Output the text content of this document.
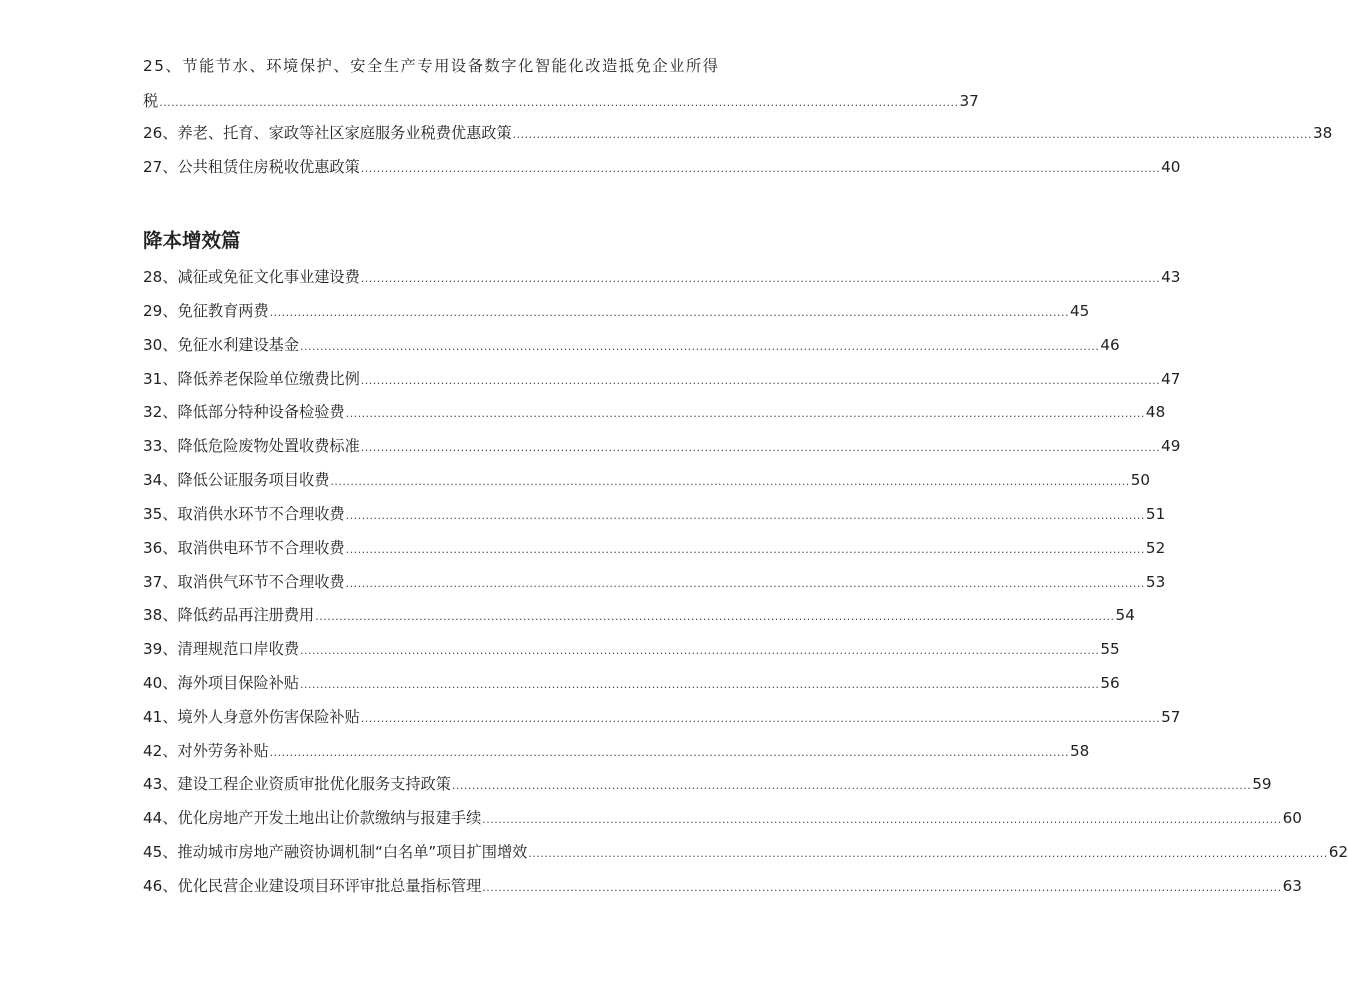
25、节能节水、环境保护、安全生产专用设备数字化智能化改造抵免企业所得
税 ........................................................................................................................................................................................................ 37
26、养老、托育、家政等社区家庭服务业税费优惠政策 ........................................................................................................................................................................................................ 38
27、公共租赁住房税收优惠政策 ........................................................................................................................................................................................................ 40
降本增效篇
28、减征或免征文化事业建设费 ........................................................................................................................................................................................................ 43
29、免征教育两费 ........................................................................................................................................................................................................ 45
30、免征水利建设基金 ........................................................................................................................................................................................................ 46
31、降低养老保险单位缴费比例 ........................................................................................................................................................................................................ 47
32、降低部分特种设备检验费 ........................................................................................................................................................................................................ 48
33、降低危险废物处置收费标准 ........................................................................................................................................................................................................ 49
34、降低公证服务项目收费 ........................................................................................................................................................................................................ 50
35、取消供水环节不合理收费 ........................................................................................................................................................................................................ 51
36、取消供电环节不合理收费 ........................................................................................................................................................................................................ 52
37、取消供气环节不合理收费 ........................................................................................................................................................................................................ 53
38、降低药品再注册费用 ........................................................................................................................................................................................................ 54
39、清理规范口岸收费 ........................................................................................................................................................................................................ 55
40、海外项目保险补贴 ........................................................................................................................................................................................................ 56
41、境外人身意外伤害保险补贴 ........................................................................................................................................................................................................ 57
42、对外劳务补贴 ........................................................................................................................................................................................................ 58
43、建设工程企业资质审批优化服务支持政策 ........................................................................................................................................................................................................ 59
44、优化房地产开发土地出让价款缴纳与报建手续 ........................................................................................................................................................................................................ 60
45、推动城市房地产融资协调机制“白名单”项目扩围增效 ........................................................................................................................................................................................................ 62
46、优化民营企业建设项目环评审批总量指标管理 ........................................................................................................................................................................................................ 63
